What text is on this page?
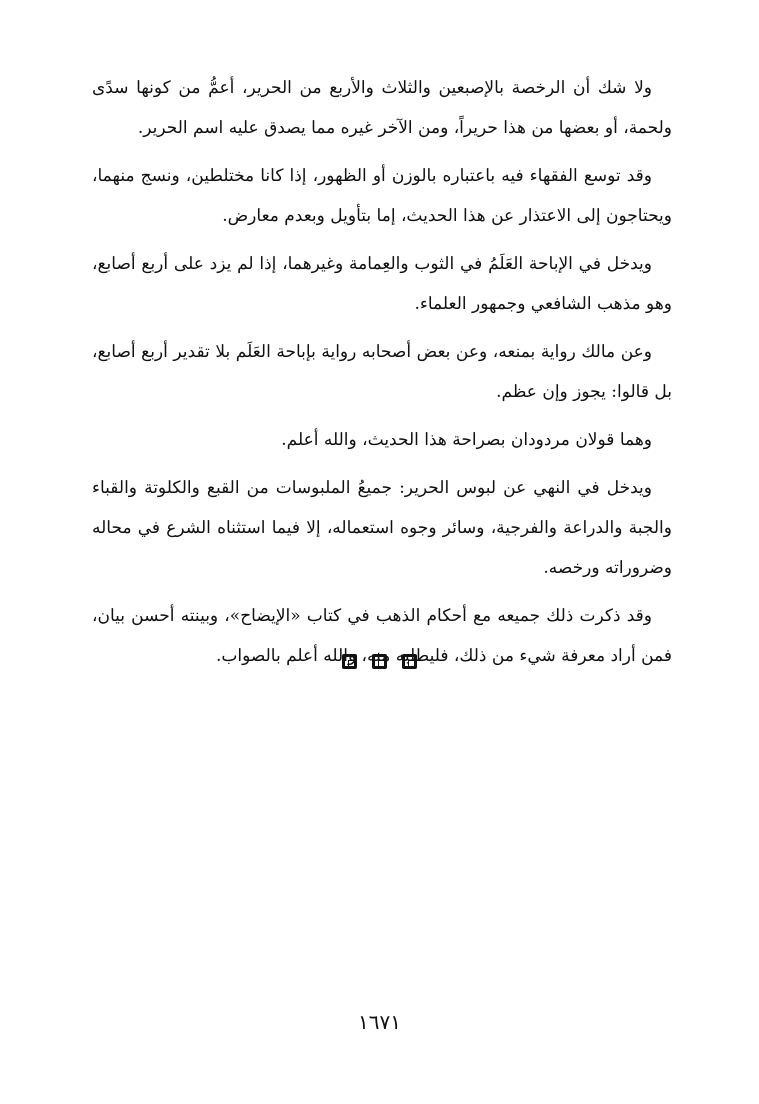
ولا شك أن الرخصة بالإصبعين والثلاث والأربع من الحرير، أعمُّ من كونها سدًى ولحمة، أو بعضها من هذا حريراً، ومن الآخر غيره مما يصدق عليه اسم الحرير.

وقد توسع الفقهاء فيه باعتباره بالوزن أو الظهور، إذا كانا مختلطين، ونسج منهما، ويحتاجون إلى الاعتذار عن هذا الحديث، إما بتأويل وبعدم معارض.

ويدخل في الإباحة العَلَمُ في الثوب والعِمامة وغيرهما، إذا لم يزد على أربع أصابع، وهو مذهب الشافعي وجمهور العلماء.

وعن مالك رواية بمنعه، وعن بعض أصحابه رواية بإباحة العَلَم بلا تقدير أربع أصابع، بل قالوا: يجوز وإن عظم.

وهما قولان مردودان بصراحة هذا الحديث، والله أعلم.

ويدخل في النهي عن لبوس الحرير: جميعُ الملبوسات من القبع والكلوتة والقباء والجبة والدراعة والفرجية، وسائر وجوه استعماله، إلا فيما استثناه الشرع في محاله وضروراته ورخصه.

وقد ذكرت ذلك جميعه مع أحكام الذهب في كتاب «الإيضاح»، وبينته أحسن بيان، فمن أراد معرفة شيء من ذلك، فليطلبه منه، والله أعلم بالصواب.

١٦٧١
